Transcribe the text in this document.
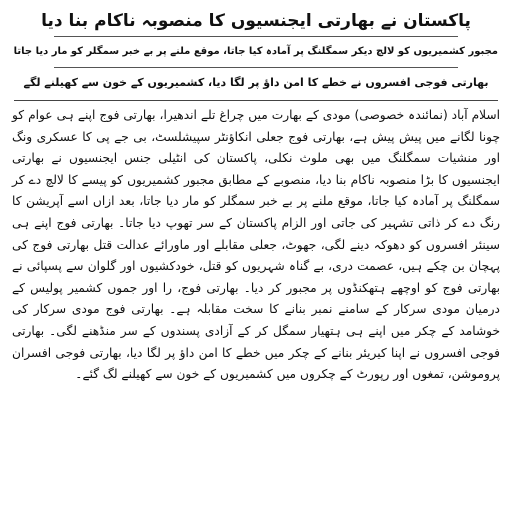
پاکستان نے بھارتی ایجنسیوں کا منصوبہ ناکام بنا دیا
مجبور کشمیریوں کو لالچ دیکر سمگلنگ پر آمادہ کیا جاتا، موقع ملنے پر بے خبر سمگلر کو مار دیا جاتا
بھارتی فوجی افسروں نے خطے کا امن داؤ پر لگا دیا، کشمیریوں کے خون سے کھیلنے لگے

اسلام آباد (نمائندہ خصوصی) مودی کے بھارت میں چراغ تلے اندھیرا، بھارتی فوج اپنے ہی عوام کو چونا لگانے میں پیش پیش ہے، بھارتی فوج جعلی انکاؤنٹر سپیشلسٹ، بی جے پی کا عسکری ونگ اور منشیات سمگلنگ میں بھی ملوث نکلی، پاکستان کی انٹیلی جنس ایجنسیوں نے بھارتی ایجنسیوں کا بڑا منصوبہ ناکام بنا دیا، منصوبے کے مطابق مجبور کشمیریوں کو پیسے کا لالچ دے کر سمگلنگ پر آمادہ کیا جاتا، موقع ملنے پر بے خبر سمگلر کو مار دیا جاتا، بعد ازاں اسے آپریشن کا رنگ دے کر ذاتی تشہیر کی جاتی اور الزام پاکستان کے سر تھوپ دیا جاتا۔ بھارتی فوج اپنے ہی سینئر افسروں کو دھوکہ دینے لگی، جھوٹ، جعلی مقابلے اور ماورائے عدالت قتل بھارتی فوج کی پہچان بن چکے ہیں، عصمت دری، بے گناہ شہریوں کو قتل، خودکشیوں اور گلوان سے پسپائی نے بھارتی فوج کو اوچھے ہتھکنڈوں پر مجبور کر دیا۔ بھارتی فوج، را اور جموں کشمیر پولیس کے درمیان مودی سرکار کے سامنے نمبر بنانے کا سخت مقابلہ ہے۔ بھارتی فوج مودی سرکار کی خوشامد کے چکر میں اپنے ہی ہتھیار سمگل کر کے آزادی پسندوں کے سر منڈھنے لگی۔ بھارتی فوجی افسروں نے اپنا کیریئر بنانے کے چکر میں خطے کا امن داؤ پر لگا دیا، بھارتی فوجی افسران پروموشن، تمغوں اور رپورٹ کے چکروں میں کشمیریوں کے خون سے کھیلنے لگ گئے۔
